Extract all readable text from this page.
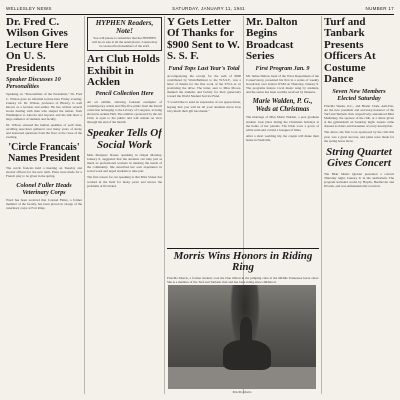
WELLESLEY NEWS	SATURDAY, JANUARY 11, 1941	NUMBER 17
Dr. Fred C. Wilson Gives Lecture Here On U. S. Presidents
Speaker Discusses 10 Personalities
Speaking on "Personalities of the Presidents," Dr. Fred C. Wilson gave an informal lecture here Friday evening, January 10. Dr. Wilson, professor of History, is well known as a lecturer and author. He has written several books dealing with men who shaped the nation, from Washington to Lincoln and beyond, and his talk drew a large audience of students and faculty.
Dr. Wilson stressed the human qualities of each man, recalling anecdotes gathered over many years of study, and answered questions from the floor at the close of the evening.
'Circle Francais' Names President
The cercle francais held a meeting on Tuesday and elected officers for the new term. Plans were made for a French play to be given in the spring.
Colonel Fuller Heads Veterinary Corps
Word has been received that Colonel Fuller, a former member of the faculty, has been placed in charge of the veterinary corps at Fort Riley.
HYPHEN Readers, Note!
You will please to remember that the HYPHEN will be on sale at all the usual places. Copies may be secured from members of the staff.
Art Club Holds Exhibit in Acklen
Pencil Collection Here
An art exhibit, showing fourteen examples of contemporary artists and fifty-five prints from the Pencil collection belonging to the Library of Congress, is being shown in Acklen Hall. The exhibit, sponsored by the Art Club, is open to the public and will remain on view through the end of the month.
Speaker Tells Of Social Work
Miss Margaret Stoker, speaking in chapel Monday, January 6, suggested that the students can help just as much as professional workers in meeting the needs of the community. She described her own experience in social work and urged students to take part.
The first reason for our speaking is that Miss Stoker has worked in the field for many years and knows the problems at first hand.
Y Gets Letter Of Thanks for $900 Sent to W. S. S. F.
Fund Tops Last Year's Total
Accompanying the receipt for the sum of $900 contributed by Ward-Belmont to the W.S.S.F., was a letter of thanks for the fine work of the Y.W.C.A. in promoting the drive. The letter, sent to Miss Moore, thanked the students and faculty for their generosity toward the World Student Service Fund.
"I would like to send an expression of our appreciation, hoping that you will let all your students know how very much their gift has meant."
Mr. Dalton Begins Broadcast Series
First Program Jan. 9
Mr. James Dalton, head of the Voice Department of the Conservatory, presented his first in a series of weekly broadcasts over station WSM on Thursday, January 9. The programs feature vocal music sung by students, and the series has been warmly received by listeners.
Marie Walden, P. G., Weds at Christmas
The marriage of Miss Marie Walden, a post graduate student, took place during the Christmas holidays at the home of her parents. The bride wore a gown of white satin and carried a bouquet of lilies.
After a short wedding trip the couple will make their home in Nashville.
Morris Wins Honors in Riding Ring
Priscilla Morris, a former student, won the blue ribbon in the jumping class at the Middle Tennessee horse show. She is a member of the Turf and Tanbark club and has been riding since childhood.
Priscilla Morris
Turf and Tanbark Presents Officers At Costume Dance
Seven New Members Elected Saturday
Priscilla Weeks, K.L., and Hester Clark, Anti-Pan, are the new president and secretary-treasurer of the Turf and Tanbark club, respectively, announced Miss Mullarkey, the sponsor of the club, at a dance given at the gymnasium on Saturday night. Guests came dressed as riders and horsemen of every description.
The dance, the first to be sponsored by the club this year, was a great success, and plans were made for the spring horse show.
String Quartet Gives Concert
The Blair Music Quartet presented a concert Thursday night, January 9, in the auditorium. The program included works by Haydn, Beethoven and Dvorak, and was enthusiastically received.
